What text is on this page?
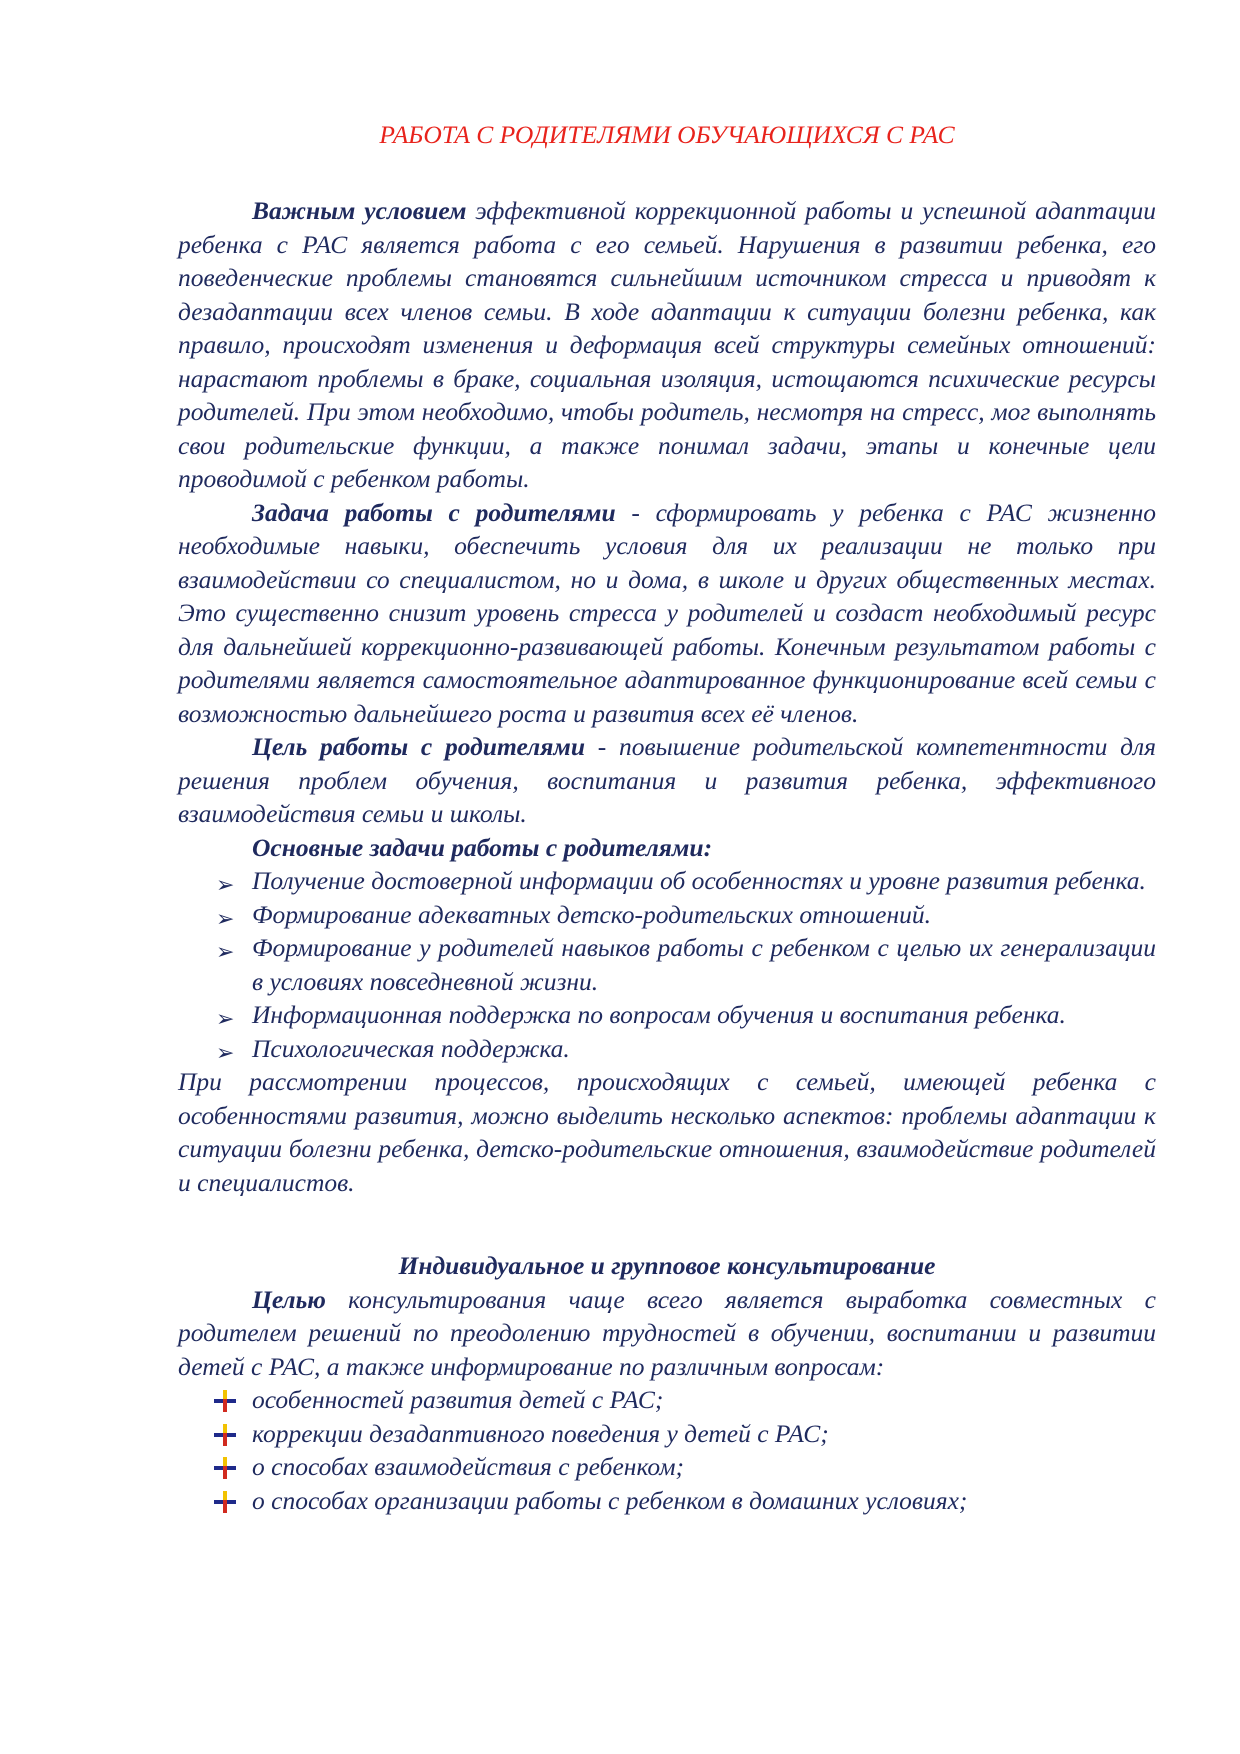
РАБОТА С РОДИТЕЛЯМИ ОБУЧАЮЩИХСЯ С РАС

Важным условием эффективной коррекционной работы и успешной адаптации ребенка с РАС является работа с его семьей. Нарушения в развитии ребенка, его поведенческие проблемы становятся сильнейшим источником стресса и приводят к дезадаптации всех членов семьи. В ходе адаптации к ситуации болезни ребенка, как правило, происходят изменения и деформация всей структуры семейных отношений: нарастают проблемы в браке, социальная изоляция, истощаются психические ресурсы родителей. При этом необходимо, чтобы родитель, несмотря на стресс, мог выполнять свои родительские функции, а также понимал задачи, этапы и конечные цели проводимой с ребенком работы.

Задача работы с родителями - сформировать у ребенка с РАС жизненно необходимые навыки, обеспечить условия для их реализации не только при взаимодействии со специалистом, но и дома, в школе и других общественных местах. Это существенно снизит уровень стресса у родителей и создаст необходимый ресурс для дальнейшей коррекционно-развивающей работы. Конечным результатом работы с родителями является самостоятельное адаптированное функционирование всей семьи с возможностью дальнейшего роста и развития всех её членов.

Цель работы с родителями - повышение родительской компетентности для решения проблем обучения, воспитания и развития ребенка, эффективного взаимодействия семьи и школы.

Основные задачи работы с родителями:
➢ Получение достоверной информации об особенностях и уровне развития ребенка.
➢ Формирование адекватных детско-родительских отношений.
➢ Формирование у родителей навыков работы с ребенком с целью их генерализации в условиях повседневной жизни.
➢ Информационная поддержка по вопросам обучения и воспитания ребенка.
➢ Психологическая поддержка.

При рассмотрении процессов, происходящих с семьей, имеющей ребенка с особенностями развития, можно выделить несколько аспектов: проблемы адаптации к ситуации болезни ребенка, детско-родительские отношения, взаимодействие родителей и специалистов.

Индивидуальное и групповое консультирование

Целью консультирования чаще всего является выработка совместных с родителем решений по преодолению трудностей в обучении, воспитании и развитии детей с РАС, а также информирование по различным вопросам:

особенностей развития детей с РАС;
коррекции дезадаптивного поведения у детей с РАС;
о способах взаимодействия с ребенком;
о способах организации работы с ребенком в домашних условиях;
